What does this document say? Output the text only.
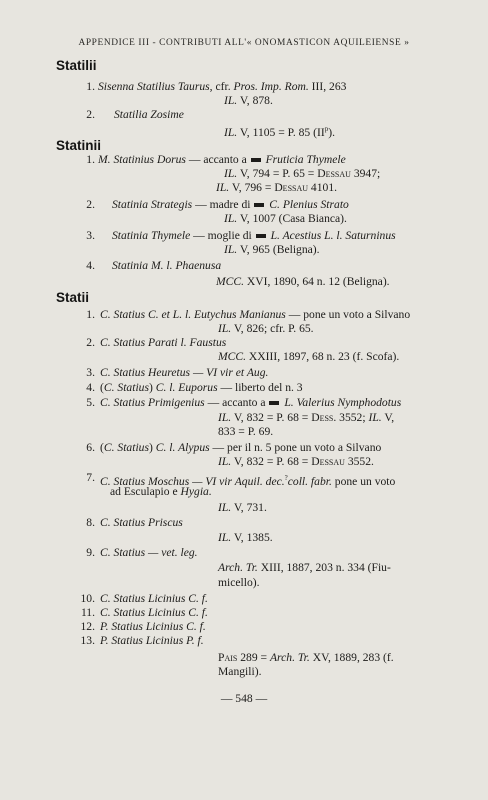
APPENDICE III - CONTRIBUTI ALL'« ONOMASTICON AQUILEIENSE »
Statilii
1. Sisenna Statilius Taurus, cfr. Pros. Imp. Rom. III, 263
IL. V, 878.
2. Statilia Zosime
IL. V, 1105 = P. 85 $(II^p)$.
Statinii
1. M. Statinius Dorus — accanto a  Fruticia Thymele
IL. V, 794 = P. 65 = Dessau 3947;
IL. V, 796 = Dessau 4101.
2. Statinia Strategis — madre di  C. Plenius Strato
IL. V, 1007 (Casa Bianca).
3. Statinia Thymele — moglie di  L. Acestius L. l. Saturninus
IL. V, 965 (Beligna).
4. Statinia M. l. Phaenusa
MCC. XVI, 1890, 64 n. 12 (Beligna).
Statii
1. C. Statius C. et L. l. Eutychus Manianus — pone un voto a Silvano
IL. V, 826; cfr. P. 65.
2. C. Statius Parati l. Faustus
MCC. XXIII, 1897, 68 n. 23 (f. Scofa).
3. C. Statius Heuretus — VI vir et Aug.
4. (C. Statius) C. l. Euporus — liberto del n. 3
5. C. Statius Primigenius — accanto a  L. Valerius Nymphodotus
IL. V, 832 = P. 68 = Dess. 3552; IL. V,
833 = P. 69.
6. (C. Statius) C. l. Alypus — per il n. 5 pone un voto a Silvano
IL. V, 832 = P. 68 = Dessau 3552.
7. C. Statius Moschus — VI vir Aquil. dec.?coll. fabr. pone un voto
ad Esculapio e Hygia.
IL. V, 731.
8. C. Statius Priscus
IL. V, 1385.
9. C. Statius — vet. leg.
Arch. Tr. XIII, 1887, 203 n. 334 (Fiu-
micello).
10. C. Statius Licinius C. f.
11. C. Statius Licinius C. f.
12. P. Statius Licinius C. f.
13. P. Statius Licinius P. f.
Pais 289 = Arch. Tr. XV, 1889, 283 (f.
Mangili).
— 548 —
